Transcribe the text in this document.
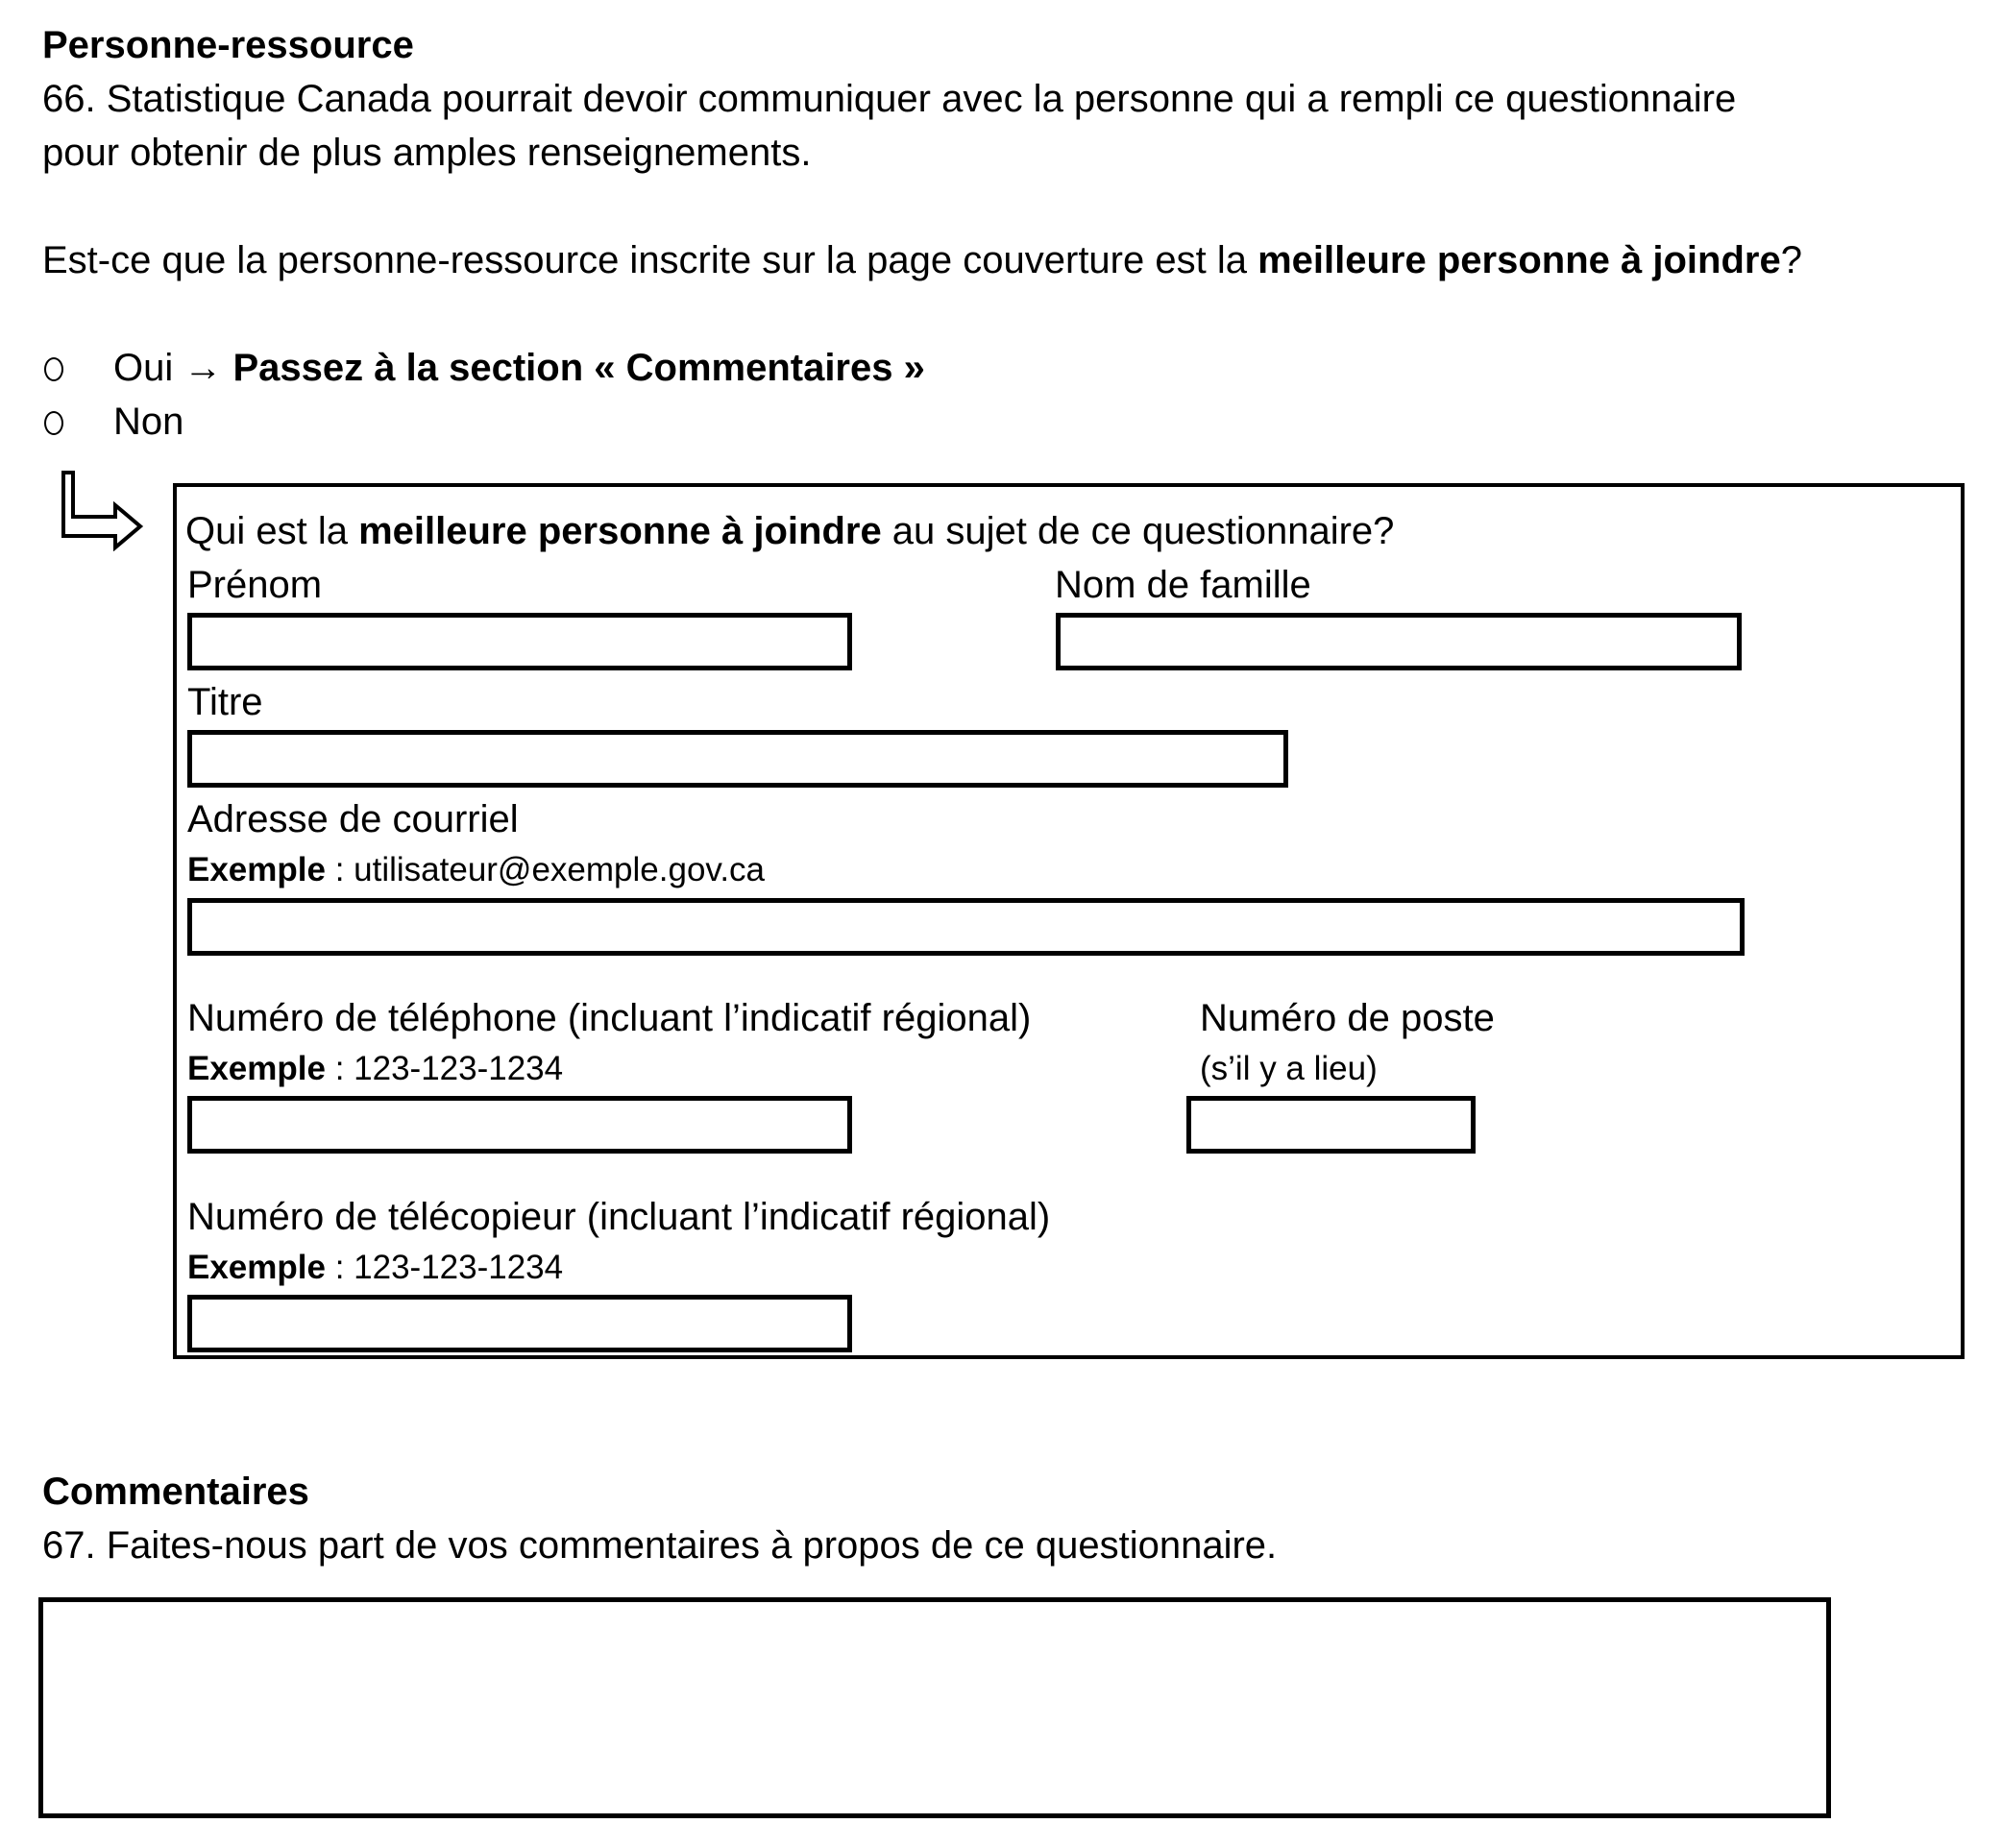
Personne-ressource
66. Statistique Canada pourrait devoir communiquer avec la personne qui a rempli ce questionnaire
pour obtenir de plus amples renseignements.
Est-ce que la personne-ressource inscrite sur la page couverture est la meilleure personne à joindre?
Oui → Passez à la section « Commentaires »
Non
Qui est la meilleure personne à joindre au sujet de ce questionnaire?
Prénom	Nom de famille
Titre
Adresse de courriel
Exemple : utilisateur@exemple.gov.ca
Numéro de téléphone (incluant l’indicatif régional)	Numéro de poste
Exemple : 123-123-1234	(s’il y a lieu)
Numéro de télécopieur (incluant l’indicatif régional)
Exemple : 123-123-1234
Commentaires
67. Faites-nous part de vos commentaires à propos de ce questionnaire.
